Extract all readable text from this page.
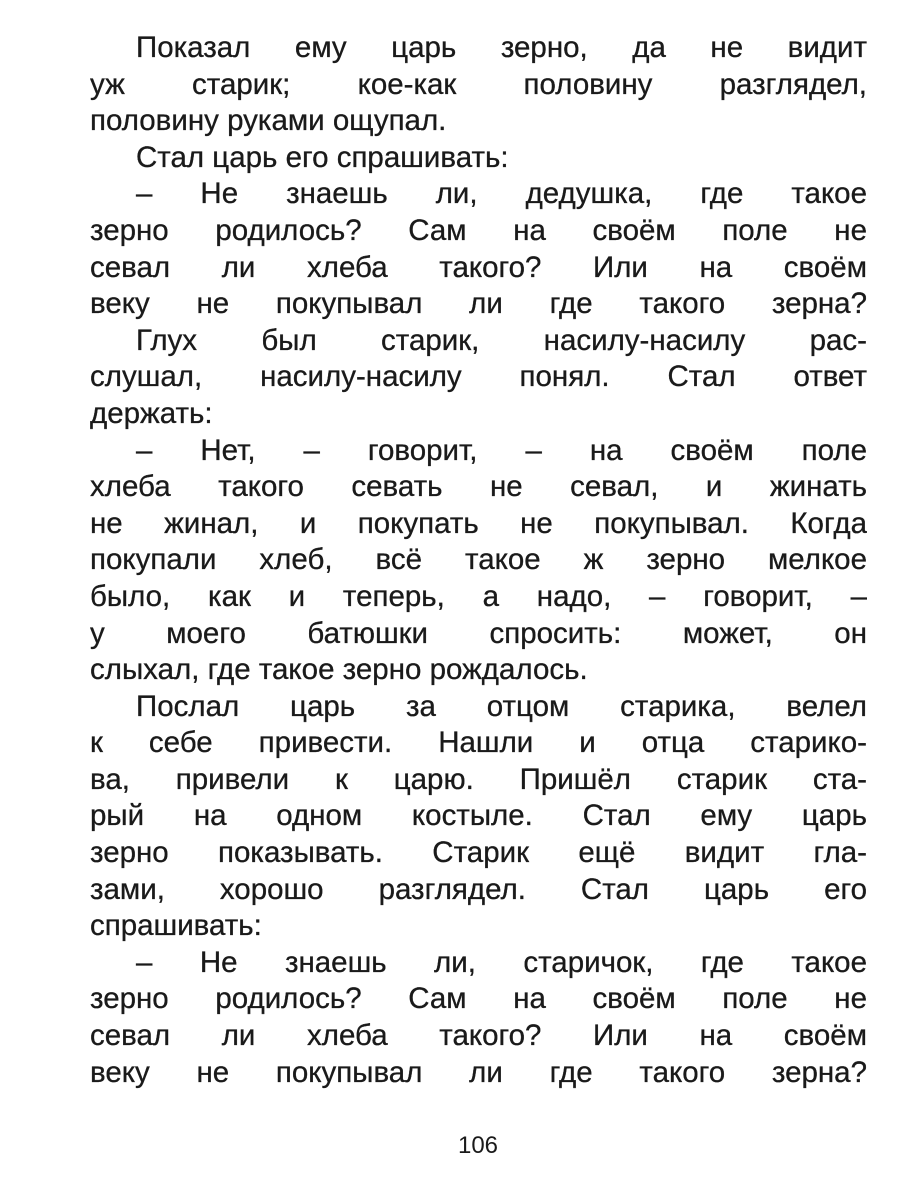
Показал ему царь зерно, да не видит
уж старик; кое-как половину разглядел,
половину руками ощупал.
Стал царь его спрашивать:
– Не знаешь ли, дедушка, где такое
зерно родилось? Сам на своём поле не
севал ли хлеба такого? Или на своём
веку не покупывал ли где такого зерна?
Глух был старик, насилу-насилу рас-
слушал, насилу-насилу понял. Стал ответ
держать:
– Нет, – говорит, – на своём поле
хлеба такого севать не севал, и жинать
не жинал, и покупать не покупывал. Когда
покупали хлеб, всё такое ж зерно мелкое
было, как и теперь, а надо, – говорит, –
у моего батюшки спросить: может, он
слыхал, где такое зерно рождалось.
Послал царь за отцом старика, велел
к себе привести. Нашли и отца старико-
ва, привели к царю. Пришёл старик ста-
рый на одном костыле. Стал ему царь
зерно показывать. Старик ещё видит гла-
зами, хорошо разглядел. Стал царь его
спрашивать:
– Не знаешь ли, старичок, где такое
зерно родилось? Сам на своём поле не
севал ли хлеба такого? Или на своём
веку не покупывал ли где такого зерна?
106
